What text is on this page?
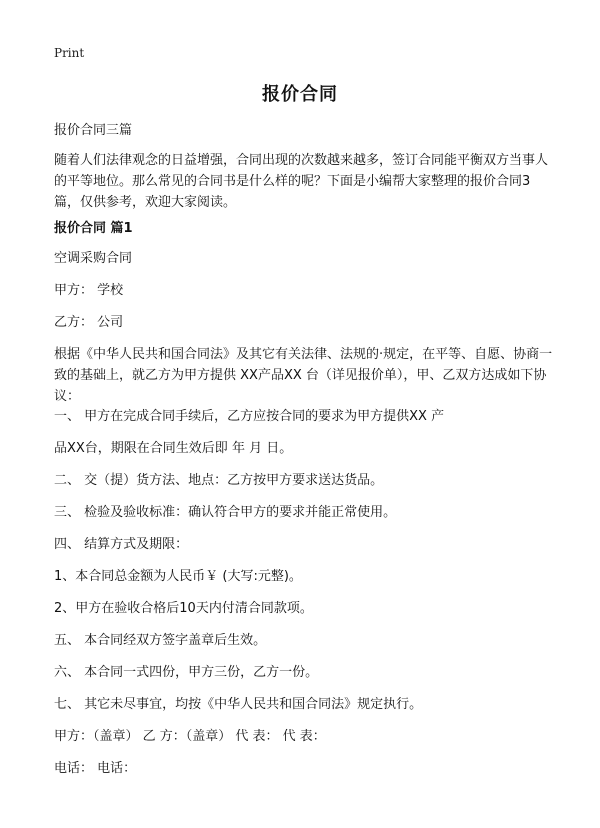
Print
报价合同

报价合同三篇

随着人们法律观念的日益增强，合同出现的次数越来越多，签订合同能平衡双方当事人的平等地位。那么常见的合同书是什么样的呢？下面是小编帮大家整理的报价合同3篇，仅供参考，欢迎大家阅读。

报价合同 篇1

空调采购合同

甲方： 学校

乙方： 公司

根据《中华人民共和国合同法》及其它有关法律、法规的·规定，在平等、自愿、协商一致的基础上，就乙方为甲方提供 XX产品XX 台（详见报价单），甲、乙双方达成如下协议：

一、 甲方在完成合同手续后，乙方应按合同的要求为甲方提供XX 产

品XX台，期限在合同生效后即 年 月 日。

二、 交（提）货方法、地点：乙方按甲方要求送达货品。

三、 检验及验收标准：确认符合甲方的要求并能正常使用。

四、 结算方式及期限：

1、本合同总金额为人民币￥ (大写:元整)。

2、甲方在验收合格后10天内付清合同款项。

五、 本合同经双方签字盖章后生效。

六、 本合同一式四份，甲方三份，乙方一份。

七、 其它未尽事宜，均按《中华人民共和国合同法》规定执行。

甲方：（盖章） 乙 方：（盖章） 代 表： 代 表：

电话： 电话：
